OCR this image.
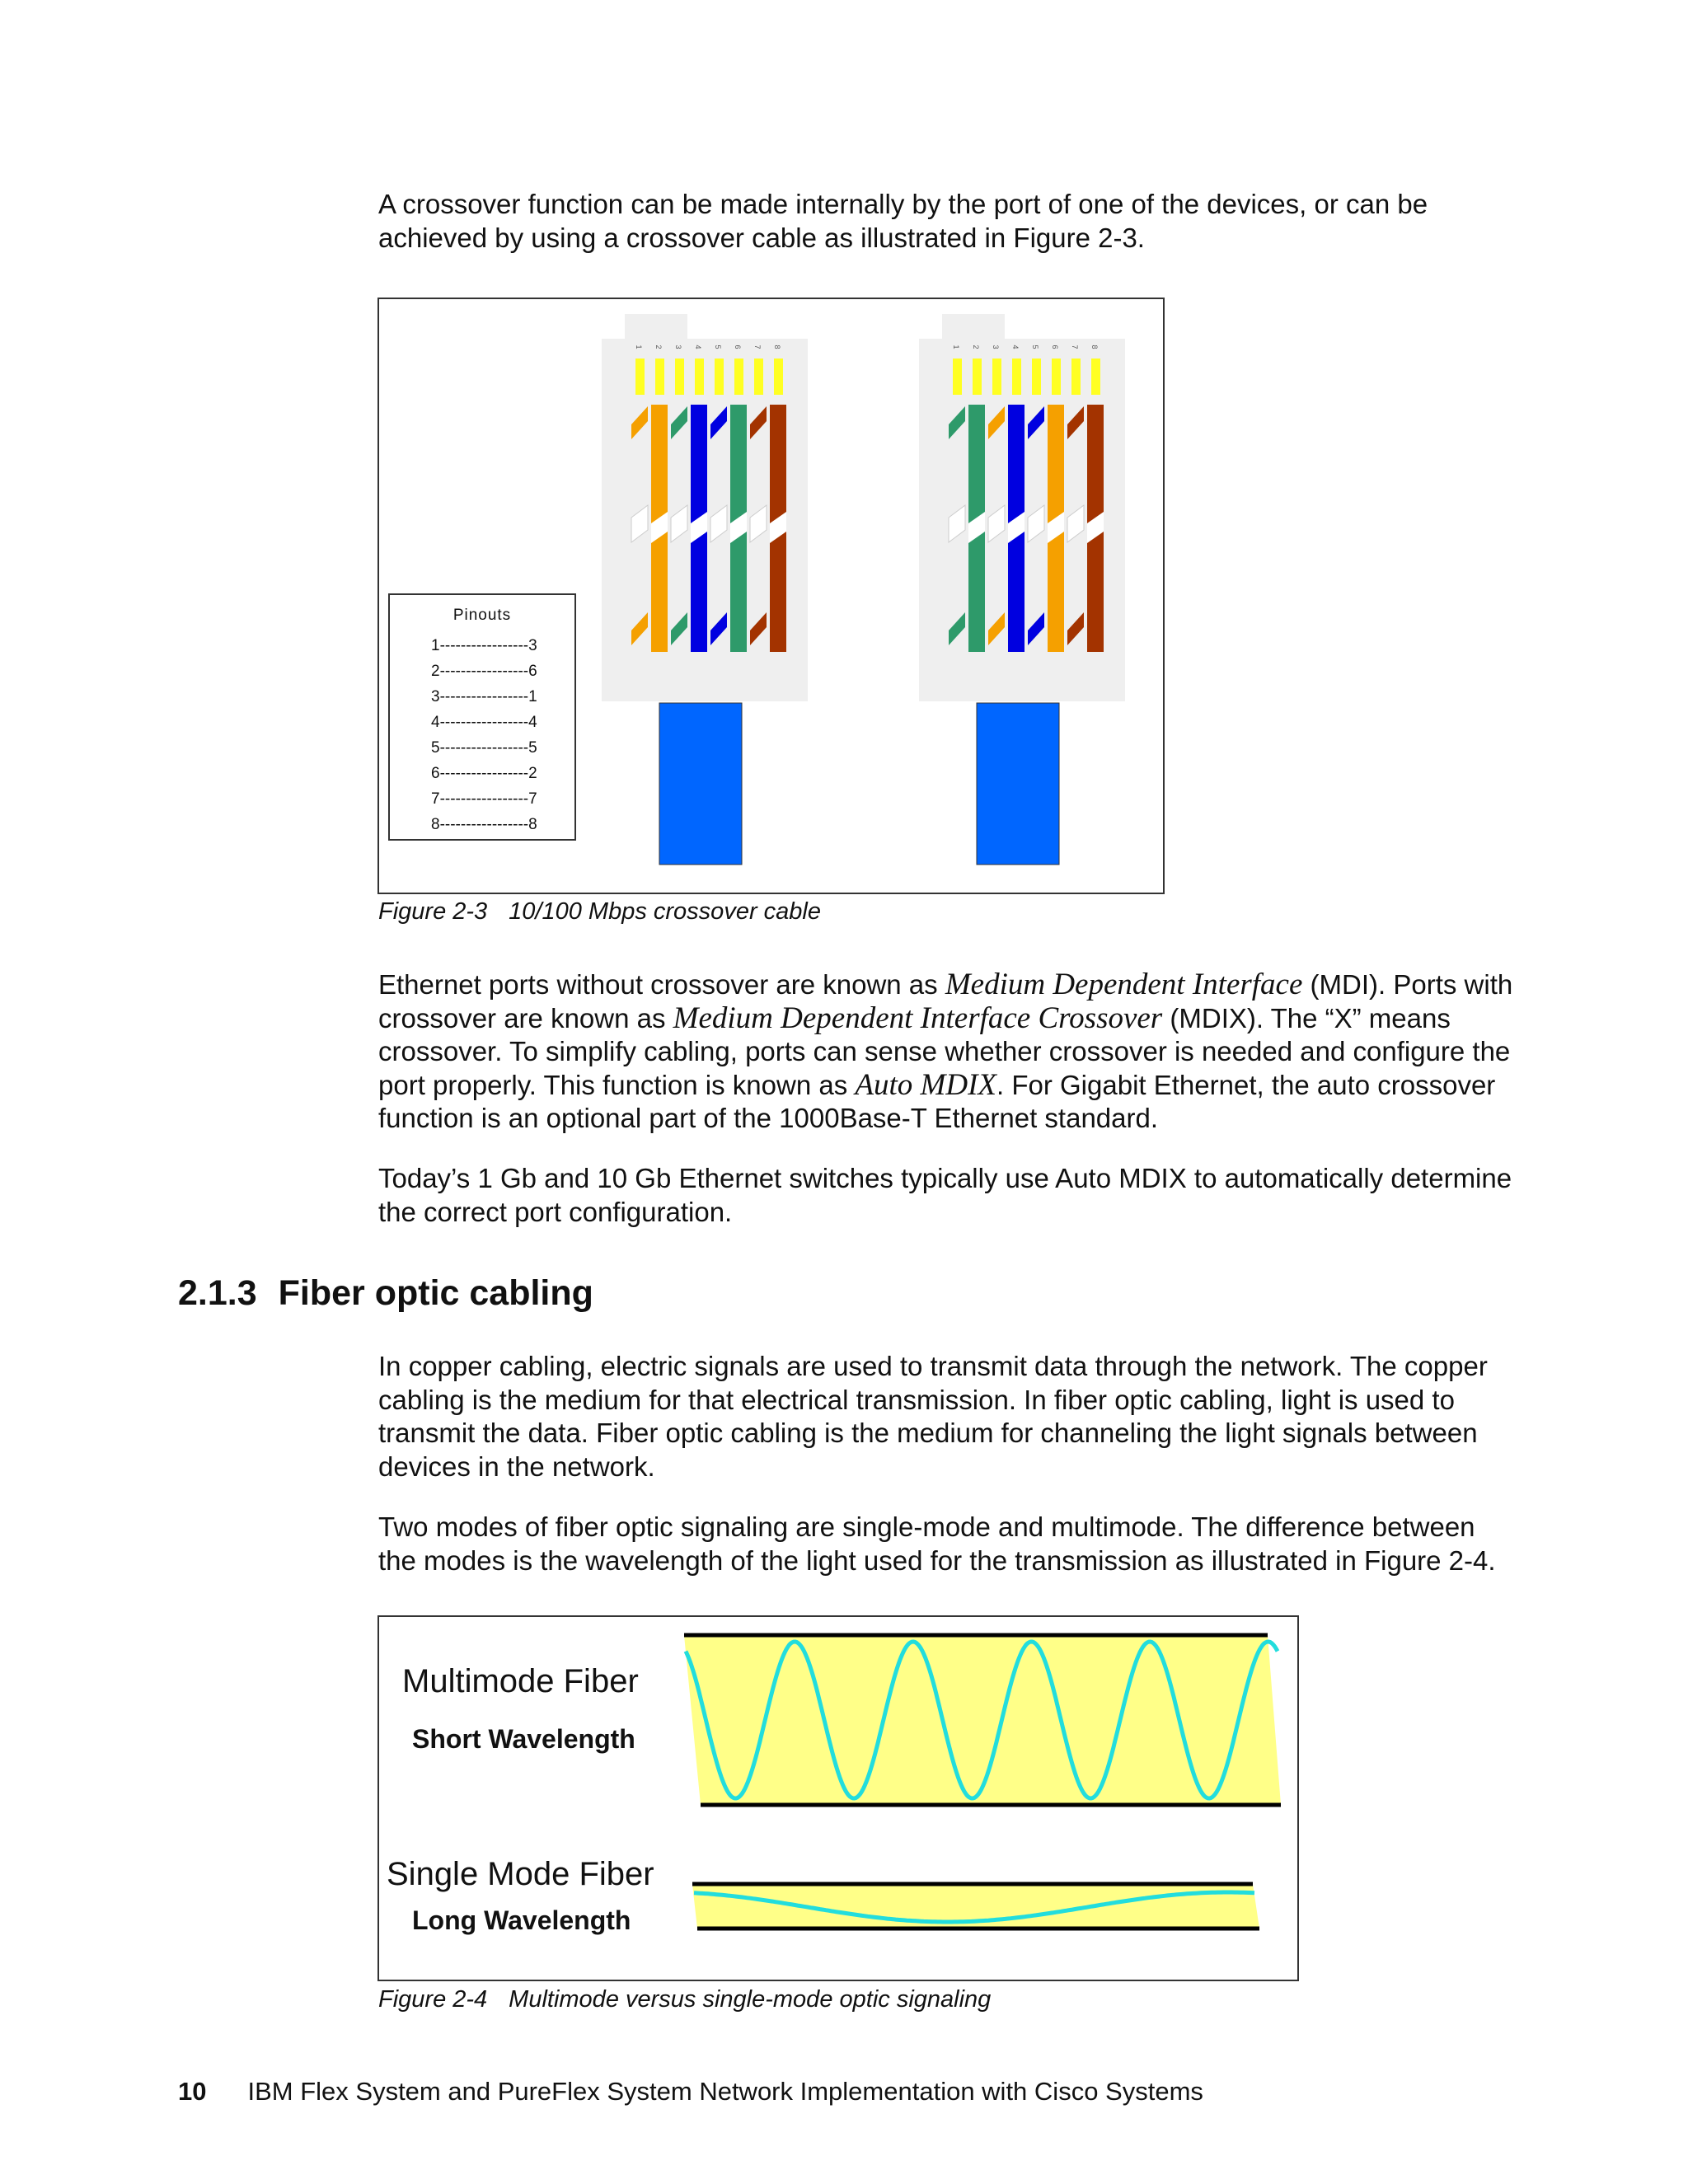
A crossover function can be made internally by the port of one of the devices, or can be achieved by using a crossover cable as illustrated in Figure 2-3.

1 2 3 4 5 6 7 8	1 2 3 4 5 6 7 8
Pinouts
1-----------------3
2-----------------6
3-----------------1
4-----------------4
5-----------------5
6-----------------2
7-----------------7
8-----------------8

Figure 2-3 10/100 Mbps crossover cable

Ethernet ports without crossover are known as Medium Dependent Interface (MDI). Ports with crossover are known as Medium Dependent Interface Crossover (MDIX). The “X” means crossover. To simplify cabling, ports can sense whether crossover is needed and configure the port properly. This function is known as Auto MDIX. For Gigabit Ethernet, the auto crossover function is an optional part of the 1000Base-T Ethernet standard.

Today’s 1 Gb and 10 Gb Ethernet switches typically use Auto MDIX to automatically determine the correct port configuration.

2.1.3 Fiber optic cabling

In copper cabling, electric signals are used to transmit data through the network. The copper cabling is the medium for that electrical transmission. In fiber optic cabling, light is used to transmit the data. Fiber optic cabling is the medium for channeling the light signals between devices in the network.

Two modes of fiber optic signaling are single-mode and multimode. The difference between the modes is the wavelength of the light used for the transmission as illustrated in Figure 2-4.

Multimode Fiber
Short Wavelength
Single Mode Fiber
Long Wavelength

Figure 2-4 Multimode versus single-mode optic signaling

10 IBM Flex System and PureFlex System Network Implementation with Cisco Systems
